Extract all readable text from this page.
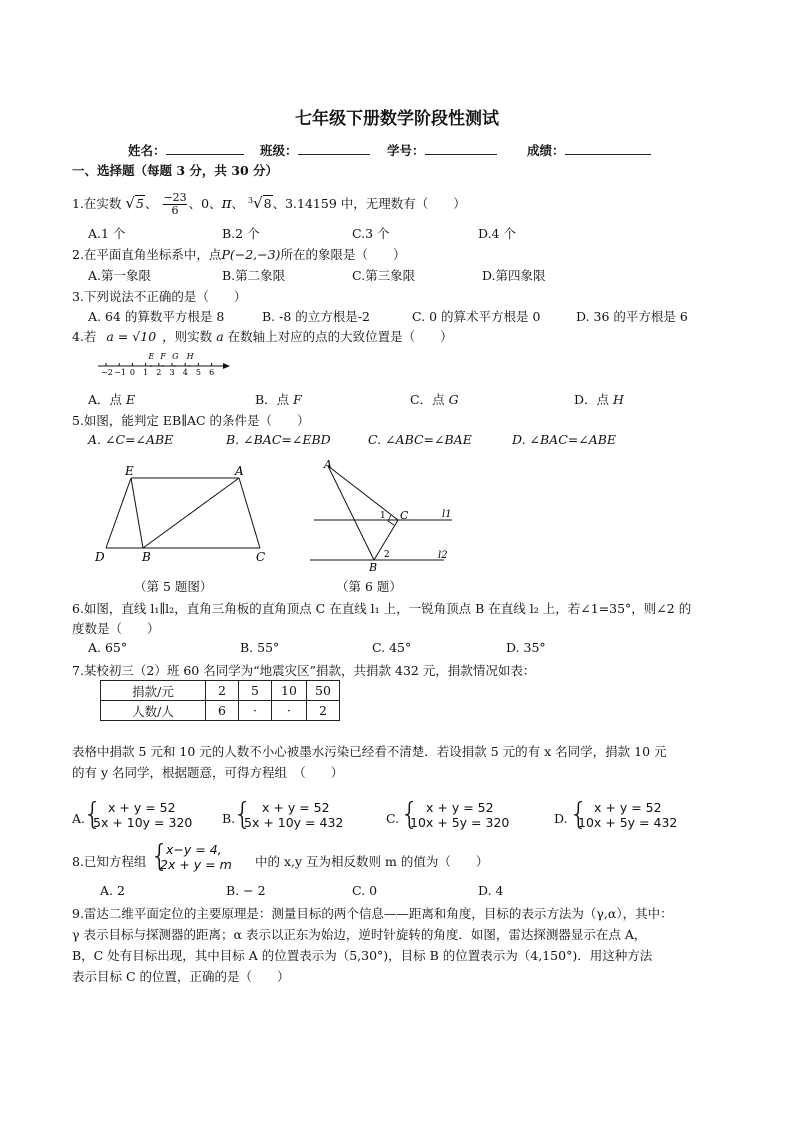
七年级下册数学阶段性测试
姓名：	班级：	学号：	成绩：
一、选择题（每题 3 分，共 30 分）
1.在实数 √5、 $\frac{-23}{6}$ 、0、π、 $^3$√8、3.14159 中，无理数有（　　）
A.1 个	B.2 个	C.3 个	D.4 个
2.在平面直角坐标系中，点P(−2,−3)所在的象限是（　　）
A.第一象限	B.第二象限	C.第三象限	D.第四象限
3.下列说法不正确的是（　　）
A. 64 的算数平方根是 8	B. -8 的立方根是-2	C. 0 的算术平方根是 0	D. 36 的平方根是 6
4.若 a = √10 ，则实数 a 在数轴上对应的点的大致位置是（　　）
−2 −1 0 1 2 3 4 5 6
E F G H
A．点 E	B．点 F	C．点 G	D．点 H
5.如图，能判定 EB∥AC 的条件是（　　）
A. ∠C=∠ABE	B. ∠BAC=∠EBD	C. ∠ABC=∠BAE	D. ∠BAC=∠ABE
E	A
D	B	C
（第 5 题图）
A
1 C	l1
2
B
l2
（第 6 题）
6.如图，直线 l₁∥l₂，直角三角板的直角顶点 C 在直线 l₁ 上，一锐角顶点 B 在直线 l₂ 上，若∠1=35°，则∠2 的
度数是（　　）
A. 65°	B. 55°	C. 45°	D. 35°
7.某校初三（2）班 60 名同学为“地震灾区”捐款，共捐款 432 元，捐款情况如表：
捐款/元	2	5	10	50
人数/人	6	·	·	2
表格中捐款 5 元和 10 元的人数不小心被墨水污染已经看不清楚．若设捐款 5 元的有 x 名同学，捐款 10 元
的有 y 名同学，根据题意，可得方程组　（　　）
A.
{ x + y = 52
5x + 10y = 320 B.
{ x + y = 52
5x + 10y = 432	C. { x + y = 52
10x + 5y = 320	D. { x + y = 52
10x + 5y = 432
8.已知方程组 {
x−y = 4,
2x + y = m 中的 x,y 互为相反数则 m 的值为（　　）
A. 2	B. − 2	C. 0	D. 4
9.雷达二维平面定位的主要原理是：测量目标的两个信息——距离和角度，目标的表示方法为（γ,α），其中：
γ 表示目标与探测器的距离；α 表示以正东为始边，逆时针旋转的角度．如图，雷达探测器显示在点 A，
B，C 处有目标出现，其中目标 A 的位置表示为（5,30°)，目标 B 的位置表示为（4,150°)．用这种方法
表示目标 C 的位置，正确的是（　　）
